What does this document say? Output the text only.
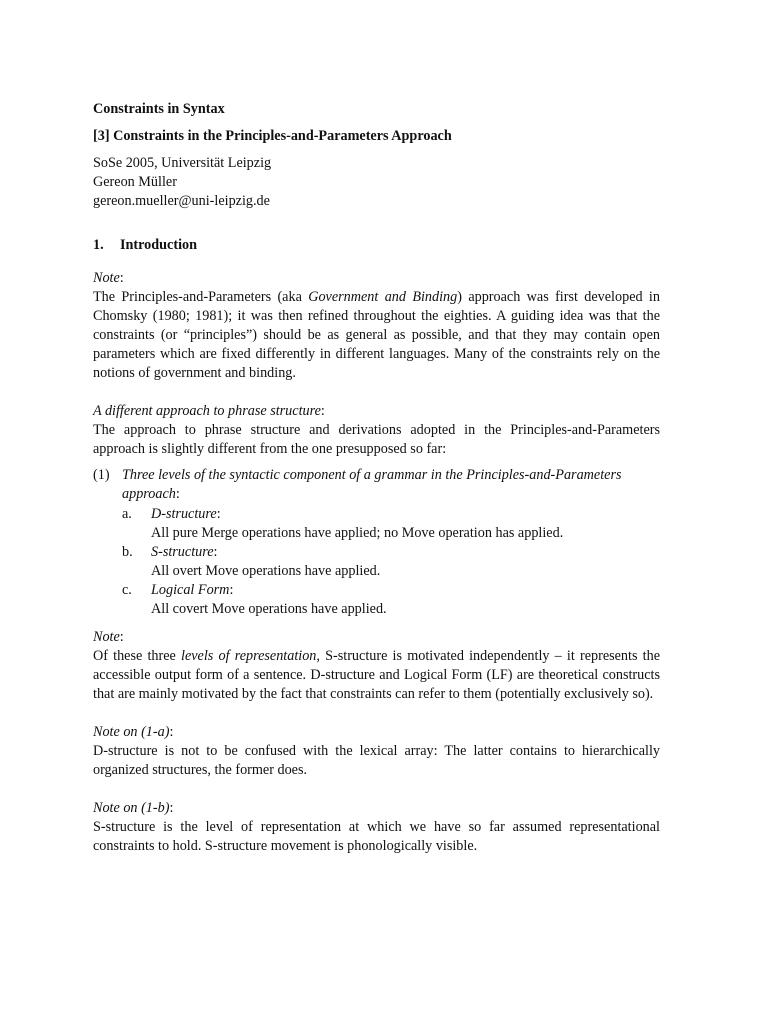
Constraints in Syntax

[3] Constraints in the Principles-and-Parameters Approach

SoSe 2005, Universität Leipzig

Gereon Müller

gereon.mueller@uni-leipzig.de

1. Introduction

Note:

The Principles-and-Parameters (aka Government and Binding) approach was first developed in Chomsky (1980; 1981); it was then refined throughout the eighties. A guiding idea was that the constraints (or “principles”) should be as general as possible, and that they may contain open parameters which are fixed differently in different languages. Many of the constraints rely on the notions of government and binding.

A different approach to phrase structure:

The approach to phrase structure and derivations adopted in the Principles-and-Parameters approach is slightly different from the one presupposed so far:

(1) Three levels of the syntactic component of a grammar in the Principles-and-Parameters approach:

a. D-structure:

All pure Merge operations have applied; no Move operation has applied.

b. S-structure:

All overt Move operations have applied.

c. Logical Form:

All covert Move operations have applied.

Note:

Of these three levels of representation, S-structure is motivated independently – it represents the accessible output form of a sentence. D-structure and Logical Form (LF) are theoretical constructs that are mainly motivated by the fact that constraints can refer to them (potentially exclusively so).

Note on (1-a):

D-structure is not to be confused with the lexical array: The latter contains to hierarchically organized structures, the former does.

Note on (1-b):

S-structure is the level of representation at which we have so far assumed representational constraints to hold. S-structure movement is phonologically visible.
